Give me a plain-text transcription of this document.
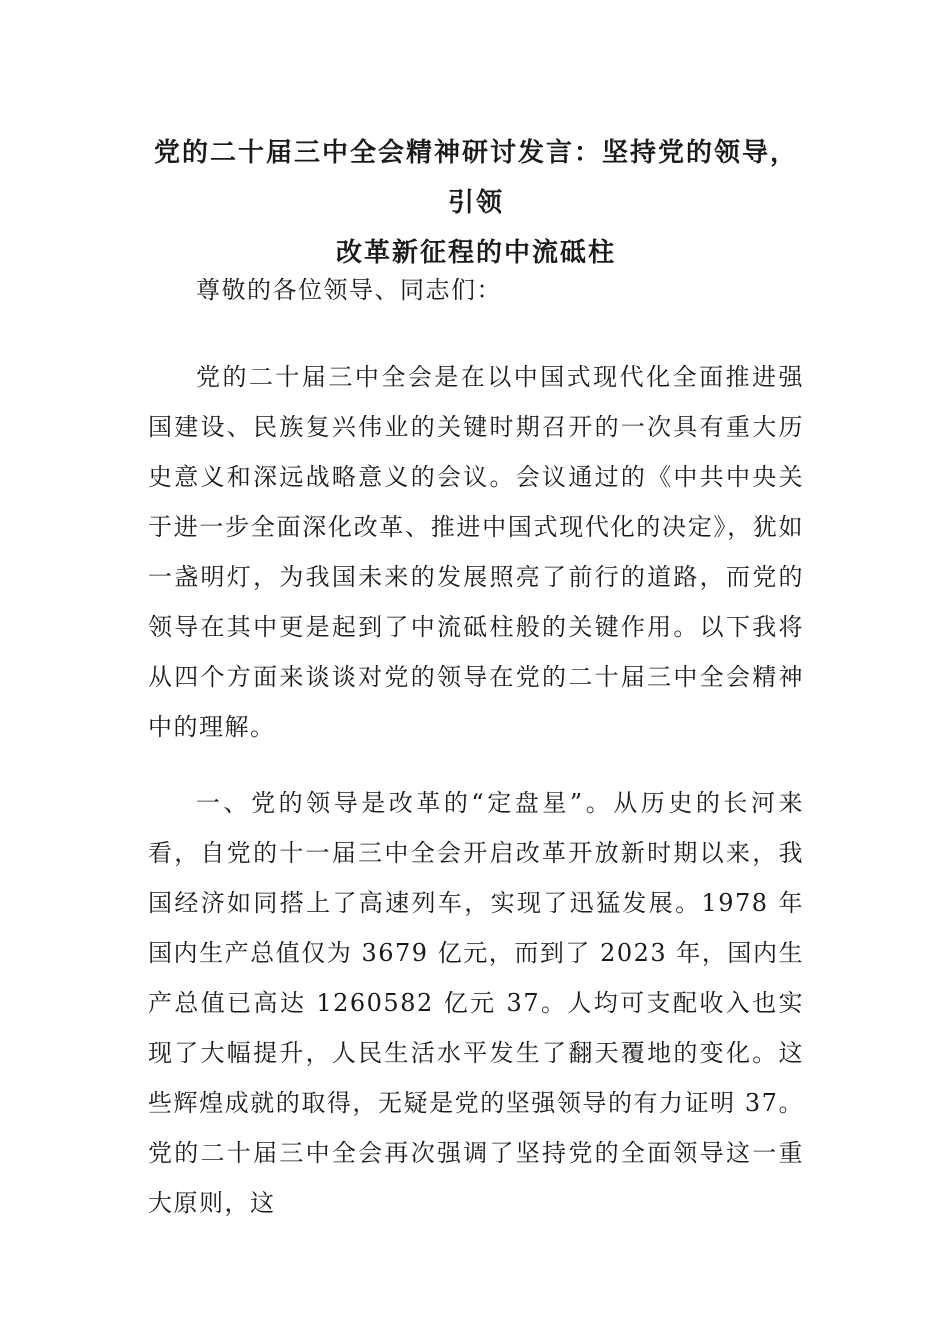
党的二十届三中全会精神研讨发言：坚持党的领导，引领
改革新征程的中流砥柱

尊敬的各位领导、同志们：

党的二十届三中全会是在以中国式现代化全面推进强国建设、民族复兴伟业的关键时期召开的一次具有重大历史意义和深远战略意义的会议。会议通过的《中共中央关于进一步全面深化改革、推进中国式现代化的决定》，犹如一盏明灯，为我国未来的发展照亮了前行的道路，而党的领导在其中更是起到了中流砥柱般的关键作用。以下我将从四个方面来谈谈对党的领导在党的二十届三中全会精神中的理解。

一、党的领导是改革的“定盘星”。从历史的长河来看，自党的十一届三中全会开启改革开放新时期以来，我国经济如同搭上了高速列车，实现了迅猛发展。1978 年国内生产总值仅为 3679 亿元，而到了 2023 年，国内生产总值已高达 1260582 亿元 37。人均可支配收入也实现了大幅提升，人民生活水平发生了翻天覆地的变化。这些辉煌成就的取得，无疑是党的坚强领导的有力证明 37。党的二十届三中全会再次强调了坚持党的全面领导这一重大原则，这
